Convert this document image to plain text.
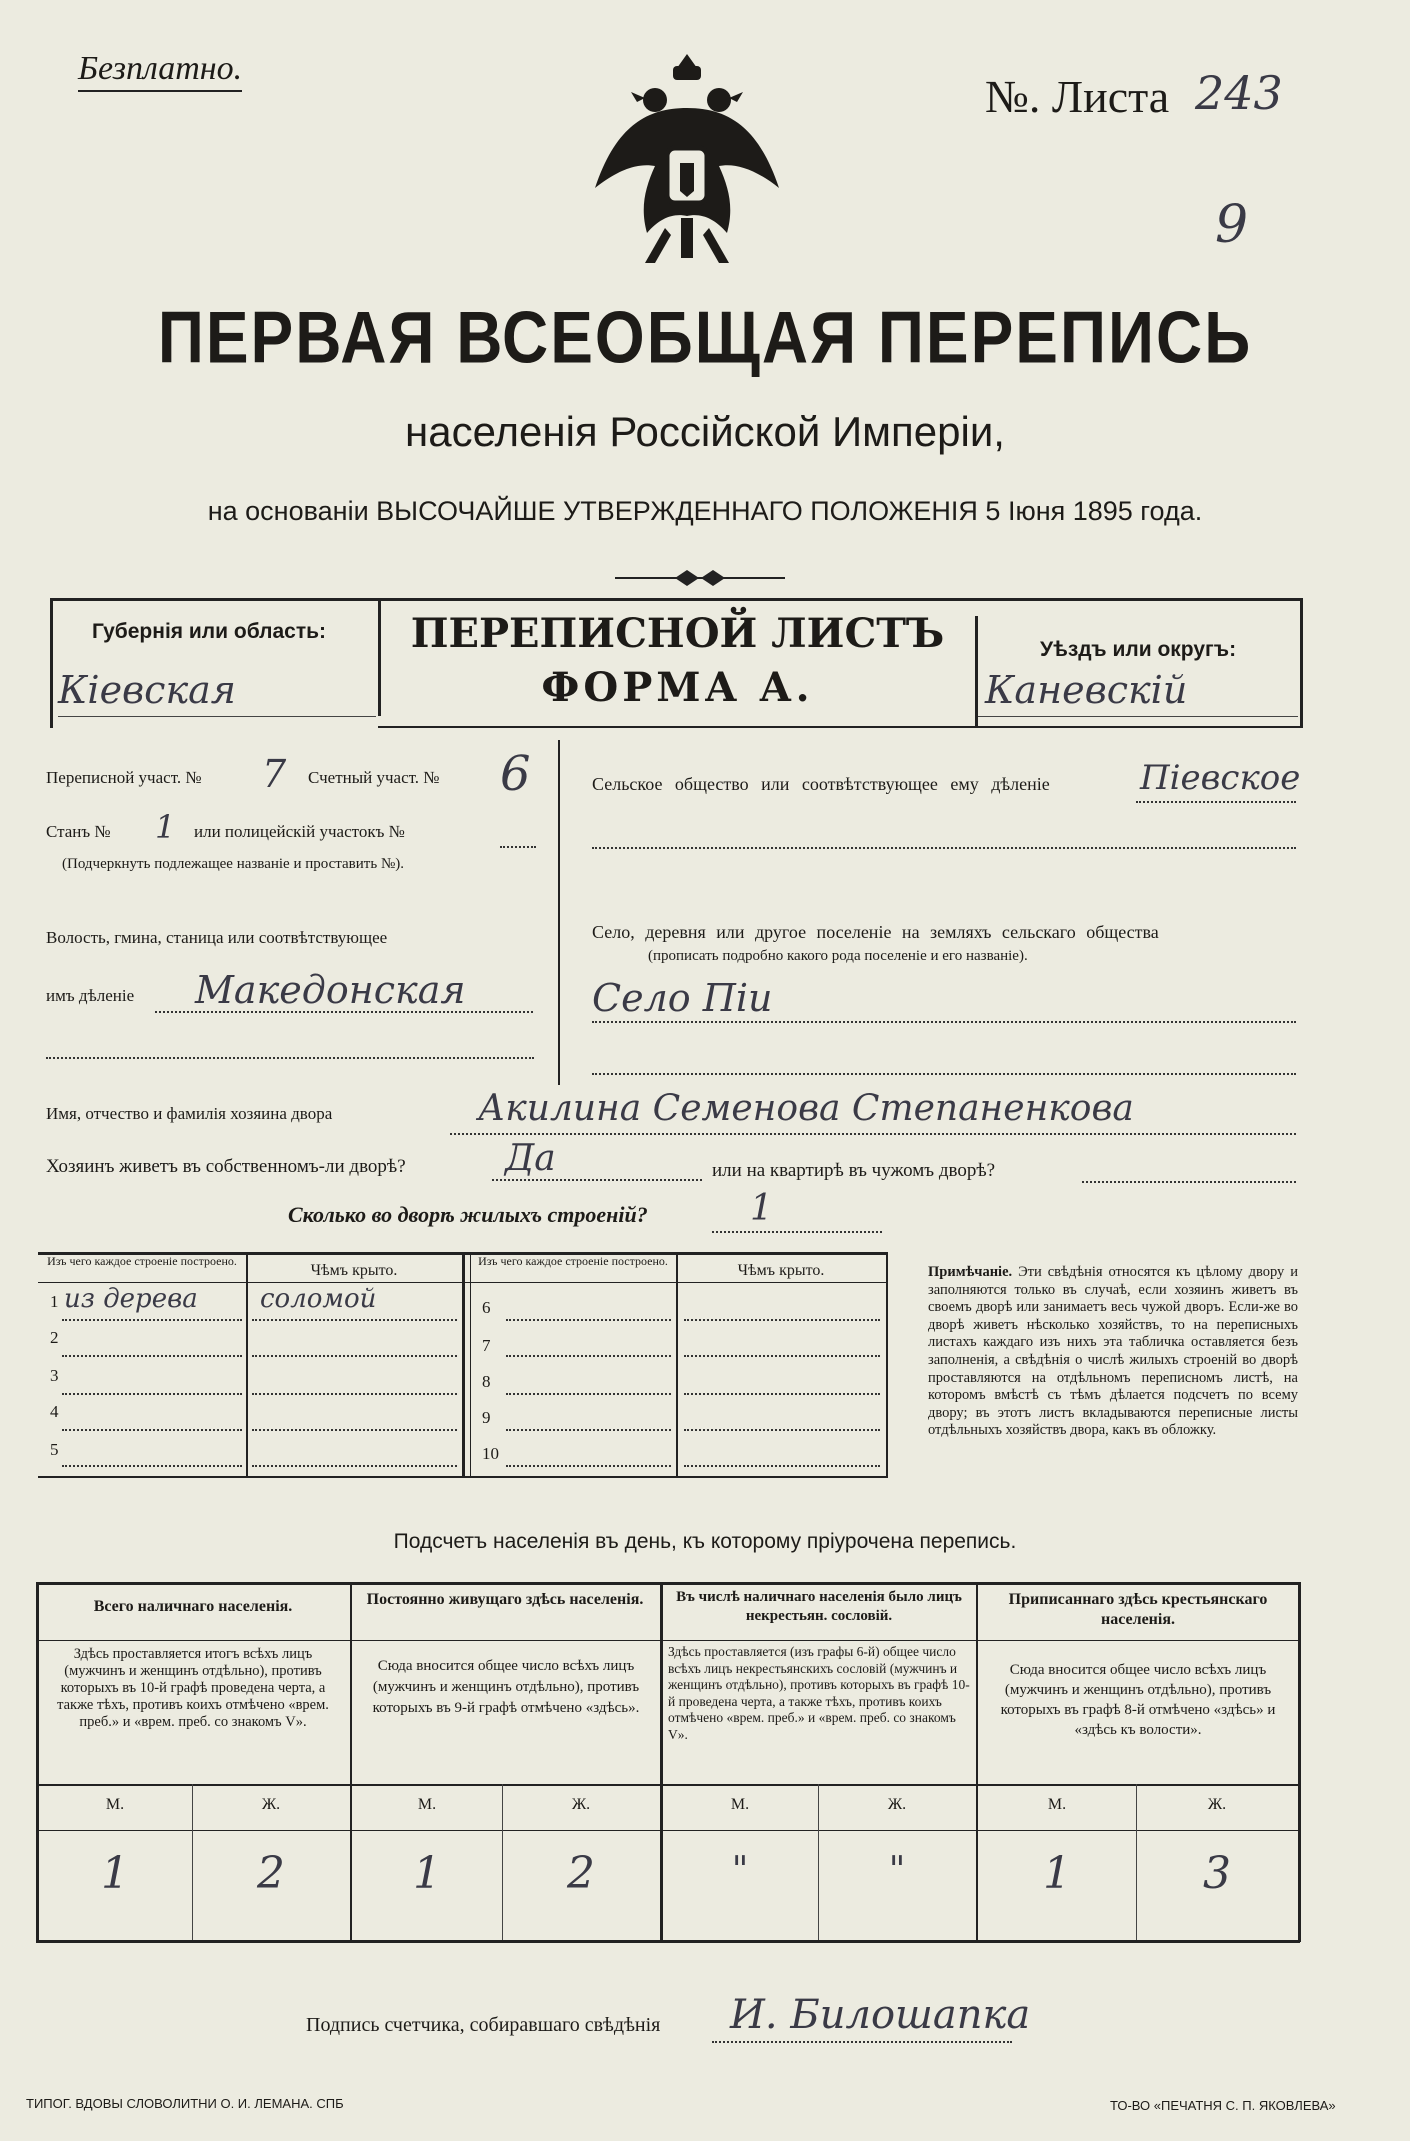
Безплатно.
№. Листа 243
9
ПЕРВАЯ ВСЕОБЩАЯ ПЕРЕПИСЬ
населенія Россійской Имперіи,
на основаніи ВЫСОЧАЙШЕ УТВЕРЖДЕННАГО ПОЛОЖЕНІЯ 5 Іюня 1895 года.
Губернія или область:
Кіевская
ПЕРЕПИСНОЙ ЛИСТЪ
ФОРМА А.
Уѣздъ или округъ:
Каневскій
Переписной участ. № 7 Счетный участ. № 6
Станъ № 1 или полицейскій участокъ №
(Подчеркнуть подлежащее названіе и проставить №).
Волость, гмина, станица или соотвѣтствующее
имъ дѣленіе Македонская
Сельское общество или соотвѣтствующее ему дѣленіе	Пiевское
Село, деревня или другое поселеніе на земляхъ сельскаго общества
(прописать подробно какого рода поселеніе и его названіе).
Село Піи
Имя, отчество и фамилія хозяина двора	Акилина Семенова Степаненкова
Хозяинъ живетъ въ собственномъ-ли дворѣ?	Да	или на квартирѣ въ чужомъ дворѣ?
Сколько во дворѣ жилыхъ строеній?	1
Изъ чего каждое строеніе построено.
Чѣмъ крыто.
Изъ чего каждое строеніе построено.
Чѣмъ крыто.
1 из дерева соломой
2
3
4
5
6
7
8
9
10
Примѣчаніе. Эти свѣдѣнія относятся къ цѣлому двору и заполняются только въ случаѣ, если хозяинъ живетъ въ своемъ дворѣ или занимаетъ весь чужой дворъ. Если-же во дворѣ живетъ нѣсколько хозяйствъ, то на переписныхъ листахъ каждаго изъ нихъ эта табличка оставляется безъ заполненія, а свѣдѣнія о числѣ жилыхъ строеній во дворѣ проставляются на отдѣльномъ переписномъ листѣ, на которомъ вмѣстѣ съ тѣмъ дѣлается подсчетъ по всему двору; въ этотъ листъ вкладываются переписные листы отдѣльныхъ хозяйствъ двора, какъ въ обложку.
Подсчетъ населенія въ день, къ которому пріурочена перепись.
Всего наличнаго населенія.
Здѣсь проставляется итогъ всѣхъ лицъ (мужчинъ и женщинъ отдѣльно), противъ которыхъ въ 10-й графѣ проведена черта, а также тѣхъ, противъ коихъ отмѣчено «врем. преб.» и «врем. преб. со знакомъ V».
М.	Ж.
1	2
Постоянно живущаго здѣсь населенія.
Сюда вносится общее число всѣхъ лицъ (мужчинъ и женщинъ отдѣльно), противъ которыхъ въ 9-й графѣ отмѣчено «здѣсь».
М.	Ж.
1	2
Въ числѣ наличнаго населенія было лицъ некрестьян. сословій.
Здѣсь проставляется (изъ графы 6-й) общее число всѣхъ лицъ некрестьянскихъ сословій (мужчинъ и женщинъ отдѣльно), противъ которыхъ въ графѣ 10-й проведена черта, а также тѣхъ, противъ коихъ отмѣчено «врем. преб.» и «врем. преб. со знакомъ V».
М.	Ж.
"	"
Приписаннаго здѣсь крестьянскаго населенія.
Сюда вносится общее число всѣхъ лицъ (мужчинъ и женщинъ отдѣльно), противъ которыхъ въ графѣ 8-й отмѣчено «здѣсь» и «здѣсь къ волости».
М.	Ж.
1	3
Подпись счетчика, собиравшаго свѣдѣнія И. Билошапка
ТИПОГ. ВДОВЫ СЛОВОЛИТНИ О. И. ЛЕМАНА. СПБ	ТО-ВО «ПЕЧАТНЯ С. П. ЯКОВЛЕВА»
